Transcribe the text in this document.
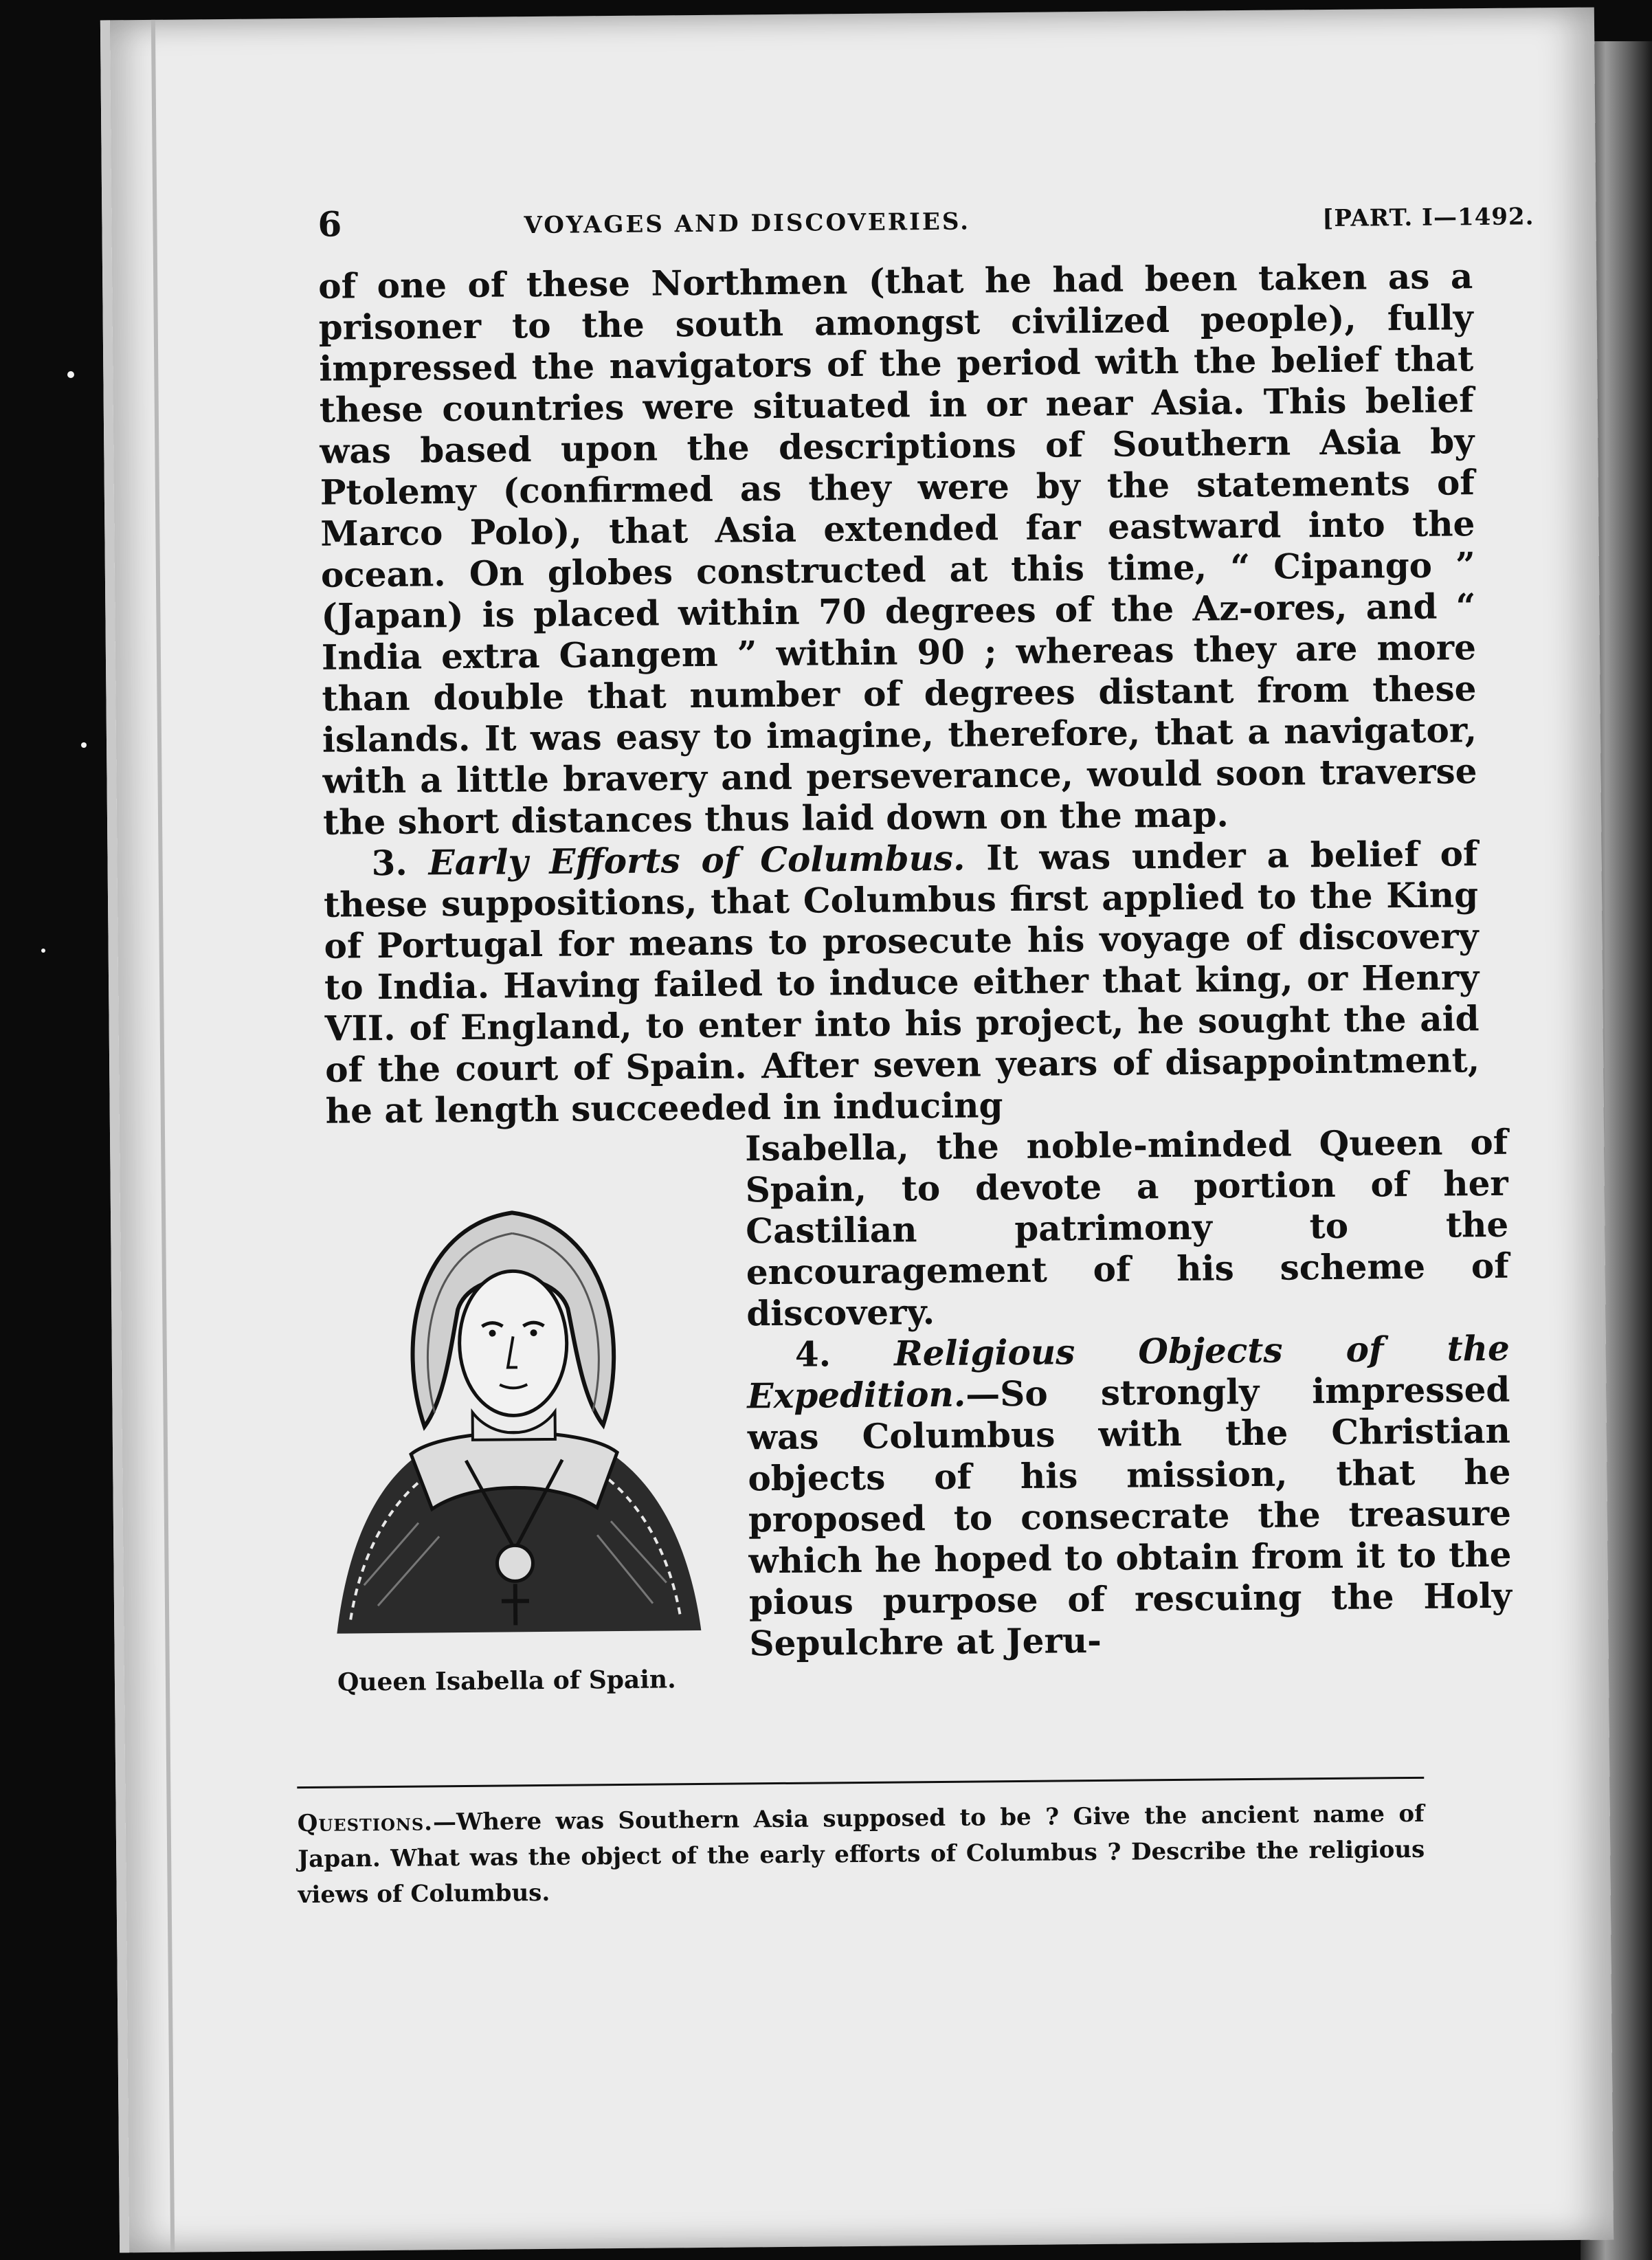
6	VOYAGES AND DISCOVERIES.	[PART. I—1492.

of one of these Northmen (that he had been taken as a prisoner to the south amongst civilized people), fully impressed the navigators of the period with the belief that these countries were situated in or near Asia. This belief was based upon the descriptions of Southern Asia by Ptolemy (confirmed as they were by the statements of Marco Polo), that Asia extended far eastward into the ocean. On globes constructed at this time, “ Cipango ” (Japan) is placed within 70 degrees of the Az-ores, and “ India extra Gangem ” within 90 ; whereas they are more than double that number of degrees distant from these islands. It was easy to imagine, therefore, that a navigator, with a little bravery and perseverance, would soon traverse the short distances thus laid down on the map.

3. Early Efforts of Columbus. It was under a belief of these suppositions, that Columbus first applied to the King of Portugal for means to prosecute his voyage of discovery to India. Having failed to induce either that king, or Henry VII. of England, to enter into his project, he sought the aid of the court of Spain. After seven years of disappointment, he at length succeeded in inducing

Queen Isabella of Spain.

Isabella, the noble-minded Queen of Spain, to devote a portion of her Castilian patrimony to the encouragement of his scheme of discovery.

4. Religious Objects of the Expedition.—So strongly impressed was Columbus with the Christian objects of his mission, that he proposed to consecrate the treasure which he hoped to obtain from it to the pious purpose of rescuing the Holy Sepulchre at Jeru-

Questions.—Where was Southern Asia supposed to be ? Give the ancient name of Japan. What was the object of the early efforts of Columbus ? Describe the religious views of Columbus.
